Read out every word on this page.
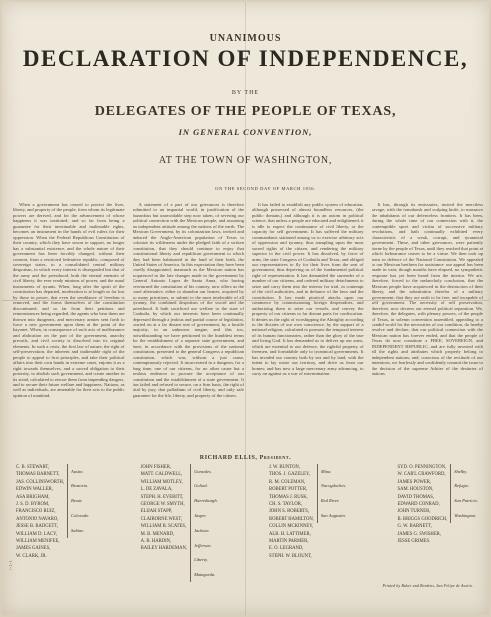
UNANIMOUS
DECLARATION OF INDEPENDENCE,
BY THE
DELEGATES OF THE PEOPLE OF TEXAS,
IN GENERAL CONVENTION,
AT THE TOWN OF WASHINGTON,
ON THE SECOND DAY OF MARCH 1836.

When a government has ceased to protect the lives, liberty, and property of the people, from whom its legitimate powers are derived, and for the advancement of whose happiness it was instituted; and so far from being a guarantee for their inestimable and inalienable rights, becomes an instrument in the hands of evil rulers for their oppression. When the Federal Republican Constitution of their country, which they have sworn to support, no longer has a substantial existence, and the whole nature of their government has been forcibly changed, without their consent, from a restricted federative republic, composed of sovereign states, to a consolidated central military despotism, in which every interest is disregarded but that of the army and the priesthood, both the eternal enemies of civil liberty, the ever ready minions of power, and the usual instruments of tyrants. When, long after the spirit of the constitution has departed, moderation is at length so far lost by those in power, that even the semblance of freedom is removed, and the forms themselves of the constitution discontinued, and so far from their petitions and remonstrances being regarded, the agents who bear them are thrown into dungeons, and mercenary armies sent forth to force a new government upon them at the point of the bayonet. When, in consequence of such acts of malfeasance and abdication on the part of the government, anarchy prevails, and civil society is dissolved into its original elements. In such a crisis, the first law of nature, the right of self-preservation, the inherent and inalienable right of the people to appeal to first principles, and take their political affairs into their own hands in extreme cases, enjoins it as a right towards themselves, and a sacred obligation to their posterity, to abolish such government, and create another in its stead, calculated to rescue them from impending dangers, and to secure their future welfare and happiness. Nations, as well as individuals, are amenable for their acts to the public opinion of mankind.

A statement of a part of our grievances is therefore submitted to an impartial world, in justification of the hazardous but unavoidable step now taken, of severing our political connection with the Mexican people, and assuming an independent attitude among the nations of the earth. The Mexican Government, by its colonization laws, invited and induced the Anglo-American population of Texas to colonize its wilderness under the pledged faith of a written constitution, that they should continue to enjoy that constitutional liberty and republican government to which they had been habituated in the land of their birth, the United States of America. In this expectation they have been cruelly disappointed, inasmuch as the Mexican nation has acquiesced in the late changes made in the government by General Antonio Lopez de Santa Anna, who having overturned the constitution of his country, now offers us the cruel alternative, either to abandon our homes, acquired by so many privations, or submit to the most intolerable of all tyranny, the combined despotism of the sword and the priesthood. It hath sacrificed our welfare to the state of Coahuila, by which our interests have been continually depressed through a jealous and partial course of legislation, carried on at a far distant seat of government, by a hostile majority, in an unknown tongue, and this too, notwithstanding we have petitioned in the humblest terms for the establishment of a separate state government, and have, in accordance with the provisions of the national constitution, presented to the general Congress a republican constitution, which was, without a just cause, contemptuously rejected. It incarcerated in a dungeon, for a long time, one of our citizens, for no other cause but a zealous endeavor to procure the acceptance of our constitution and the establishment of a state government. It has failed and refused to secure, on a firm basis, the right of trial by jury, that palladium of civil liberty, and only safe guarantee for the life, liberty, and property of the citizen.

It has failed to establish any public system of education, although possessed of almost boundless resources, (the public domain,) and although it is an axiom in political science, that unless a people are educated and enlightened, it is idle to expect the continuance of civil liberty, or the capacity for self government. It has suffered the military commandants stationed among us to exercise arbitrary acts of oppression and tyranny, thus trampling upon the most sacred rights of the citizen, and rendering the military superior to the civil power. It has dissolved, by force of arms, the state Congress of Coahuila and Texas, and obliged our representatives to fly for their lives from the seat of government, thus depriving us of the fundamental political right of representation. It has demanded the surrender of a number of our citizens, and ordered military detachments to seize and carry them into the interior for trial, in contempt of the civil authorities, and in defiance of the laws and the constitution. It has made piratical attacks upon our commerce by commissioning foreign desperadoes, and authorizing them to seize our vessels, and convey the property of our citizens to far distant parts for confiscation. It denies us the right of worshipping the Almighty according to the dictates of our own conscience, by the support of a national religion, calculated to promote the temporal interest of its human functionaries, rather than the glory of the true and living God. It has demanded us to deliver up our arms, which are essential to our defence, the rightful property of freemen, and formidable only to tyrannical governments. It has invaded our country both by sea and by land, with the intent to lay waste our territory, and drive us from our homes; and has now a large mercenary army advancing, to carry on against us a war of extermination.

It has, through its emissaries, incited the merciless savage, with the tomahawk and scalping knife, to massacre the inhabitants of our defenceless frontiers. It has been, during the whole time of our connection with it, the contemptible sport and victim of successive military revolutions, and hath continually exhibited every characteristic of a weak, corrupt, and tyrannical government. These, and other grievances, were patiently borne by the people of Texas, until they reached that point at which forbearance ceases to be a virtue. We then took up arms in defence of the National Constitution. We appealed to our Mexican brethren for assistance: our appeal has been made in vain; though months have elapsed, no sympathetic response has yet been heard from the interior. We are, therefore, forced to the melancholy conclusion, that the Mexican people have acquiesced in the destruction of their liberty, and the substitution therefor of a military government; that they are unfit to be free, and incapable of self government. The necessity of self preservation, therefore, now decrees our eternal political separation. We, therefore, the delegates, with plenary powers, of the people of Texas, in solemn convention assembled, appealing to a candid world for the necessities of our condition, do hereby resolve and declare, that our political connection with the Mexican nation has forever ended, and that the people of Texas do now constitute a FREE, SOVEREIGN, and INDEPENDENT REPUBLIC, and are fully invested with all the rights and attributes which properly belong to independent nations; and, conscious of the rectitude of our intentions, we fearlessly and confidently commit the issue to the decision of the supreme Arbiter of the destinies of nations.

RICHARD ELLIS, President.
C. B. STEWART,
THOMAS BARNETT,
JAS. COLLINSWORTH,
EDWIN WALLER,
ASA BRIGHAM,
J. S. D. BYROM,
FRANCISCO RUIZ,
ANTONIO NAVARO,
JESSE B. BADGETT,
WILLIAM D. LACY,
WILLIAM MENIFEE,
JAMES GAINES,
W. CLARK, JR.
Austin.
Brazoria.
Bexar.
Colorado.
Sabine.
JOHN FISHER,
MATT. CALDWELL,
WILLIAM MOTLEY,
L. DE ZAVALA,
STEPH. H. EVERITT,
GEORGE W. SMYTH,
ELIJAH STAPP,
CLAIBORNE WEST,
WILLIAM B. SCATES,
M. B. MENARD,
A. B. HARDIN,
BAILEY HARDEMAN,
Gonzales.
Goliad.
Harrisburgh.
Jasper.
Jackson.
Jefferson.
Liberty.
Matagorda.
J. W. BUNTON,
THOS. J. GAZELEY,
R. M. COLEMAN,
ROBERT POTTER,
THOMAS J. RUSK,
CH. S. TAYLOR,
JOHN S. ROBERTS,
ROBERT HAMILTON,
COLLIN MCKINNEY,
ALB. H. LATTIMER,
MARTIN PARMER,
E. O. LEGRAND,
STEPH. W. BLOUNT,
Mina.
Nacogdoches.
Red River.
San Augustin.
SYD. O. PENNINGTON,
W. CAR'L CRAWFORD,
JAMES POWER,
SAM. HOUSTON,
DAVID THOMAS,
EDWARD CONRAD,
JOHN TURNER,
B. BRIGGS GOODRICH,
G. W. BARNETT,
JAMES G. SWISHER,
JESSE GRIMES.
Shelby.
Refugio.
San Patricio.
Washington.
Printed by Baker and Bordens, San Felipe de Austin.
7-1-1
